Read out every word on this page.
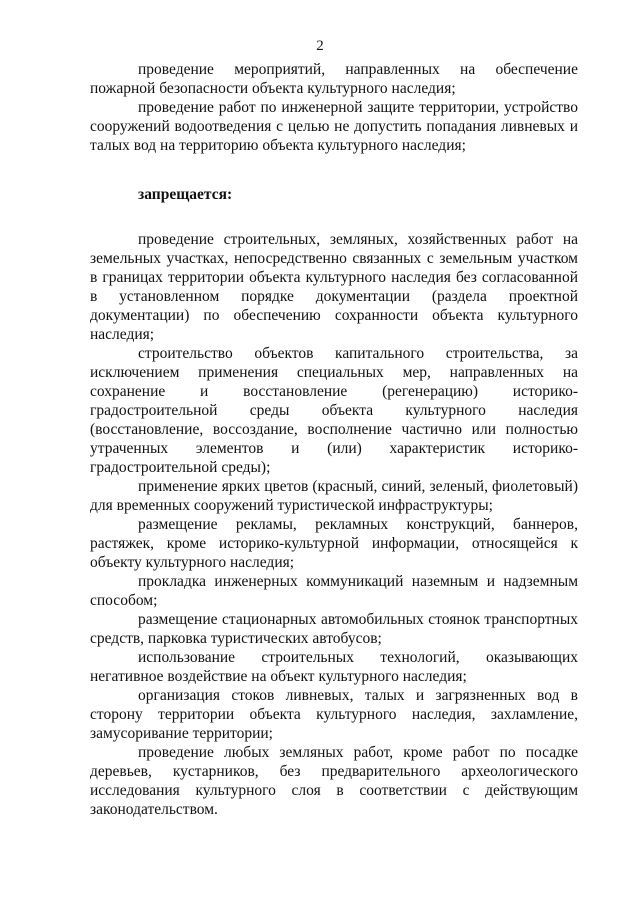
2

проведение мероприятий, направленных на обеспечение пожарной безопасности объекта культурного наследия;

проведение работ по инженерной защите территории, устройство сооружений водоотведения с целью не допустить попадания ливневых и талых вод на территорию объекта культурного наследия;

запрещается:

проведение строительных, земляных, хозяйственных работ на земельных участках, непосредственно связанных с земельным участком в границах территории объекта культурного наследия без согласованной в установленном порядке документации (раздела проектной документации) по обеспечению сохранности объекта культурного наследия;

строительство объектов капитального строительства, за исключением применения специальных мер, направленных на сохранение и восстановление (регенерацию) историко-градостроительной среды объекта культурного наследия (восстановление, воссоздание, восполнение частично или полностью утраченных элементов и (или) характеристик историко-градостроительной среды);

применение ярких цветов (красный, синий, зеленый, фиолетовый) для временных сооружений туристической инфраструктуры;

размещение рекламы, рекламных конструкций, баннеров, растяжек, кроме историко-культурной информации, относящейся к объекту культурного наследия;

прокладка инженерных коммуникаций наземным и надземным способом;

размещение стационарных автомобильных стоянок транспортных средств, парковка туристических автобусов;

использование строительных технологий, оказывающих негативное воздействие на объект культурного наследия;

организация стоков ливневых, талых и загрязненных вод в сторону территории объекта культурного наследия, захламление, замусоривание территории;

проведение любых земляных работ, кроме работ по посадке деревьев, кустарников, без предварительного археологического исследования культурного слоя в соответствии с действующим законодательством.
